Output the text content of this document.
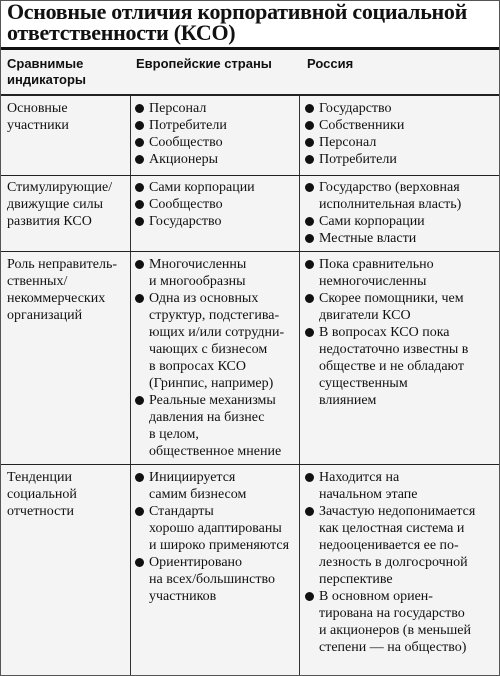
Основные отличия корпоративной социальной
ответственности (КСО)
Сравнимые
индикаторы
Европейские страны	Россия
Основные
участники
Персонал
Потребители
Сообщество
Акционеры
Государство
Собственники
Персонал
Потребители
Стимулирующие/
движущие силы
развития КСО
Сами корпорации
Сообщество
Государство
Государство (верховная
исполнительная власть)
Сами корпорации
Местные власти
Роль неправитель-
ственных/
некоммерческих
организаций
Многочисленны
и многообразны
Одна из основных
структур, подстегива-
ющих и/или сотрудни-
чающих с бизнесом
в вопросах КСО
(Гринпис, например)
Реальные механизмы
давления на бизнес
в целом,
общественное мнение
Пока сравнительно
немногочисленны
Скорее помощники, чем
двигатели КСО
В вопросах КСО пока
недостаточно известны в
обществе и не обладают
существенным
влиянием
Тенденции
социальной
отчетности
Инициируется
самим бизнесом
Стандарты
хорошо адаптированы
и широко применяются
Ориентировано
на всех/большинство
участников
Находится на
начальном этапе
Зачастую недопонимается
как целостная система и
недооценивается ее по-
лезность в долгосрочной
перспективе
В основном ориен-
тирована на государство
и акционеров (в меньшей
степени — на общество)
